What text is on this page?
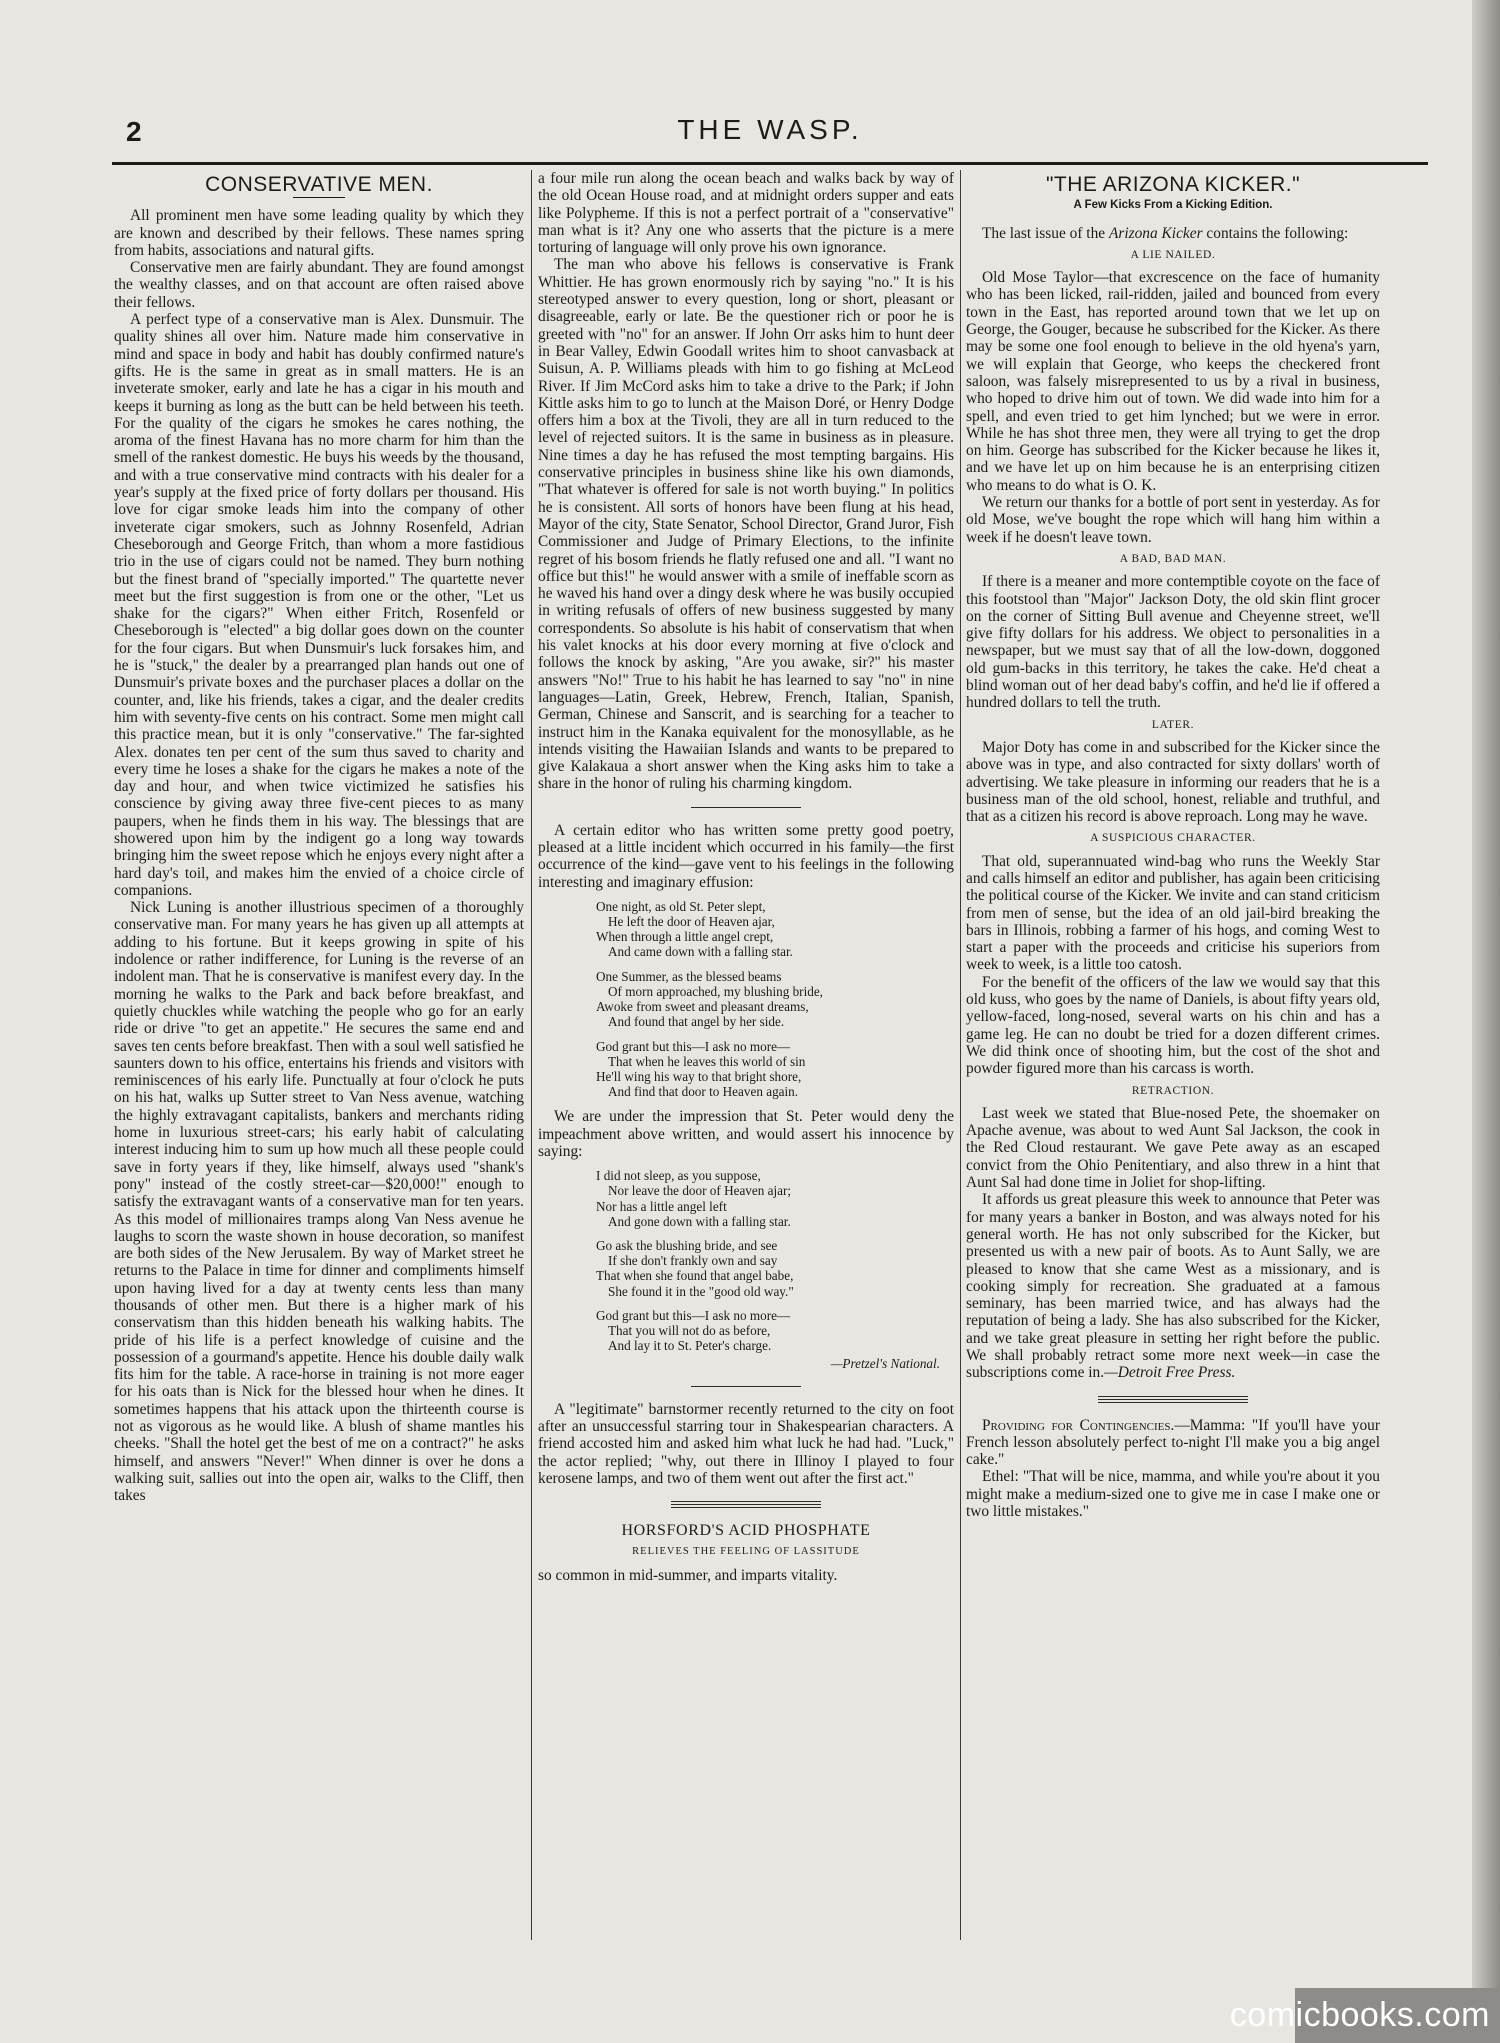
2	THE WASP.
CONSERVATIVE MEN.

All prominent men have some leading quality by which they are known and described by their fellows. These names spring from habits, associations and natural gifts.

Conservative men are fairly abundant. They are found amongst the wealthy classes, and on that account are often raised above their fellows.

A perfect type of a conservative man is Alex. Dunsmuir. The quality shines all over him. Nature made him conservative in mind and space in body and habit has doubly confirmed nature's gifts. He is the same in great as in small matters. He is an inveterate smoker, early and late he has a cigar in his mouth and keeps it burning as long as the butt can be held between his teeth. For the quality of the cigars he smokes he cares nothing, the aroma of the finest Havana has no more charm for him than the smell of the rankest domestic. He buys his weeds by the thousand, and with a true conservative mind contracts with his dealer for a year's supply at the fixed price of forty dollars per thousand. His love for cigar smoke leads him into the company of other inveterate cigar smokers, such as Johnny Rosenfeld, Adrian Cheseborough and George Fritch, than whom a more fastidious trio in the use of cigars could not be named. They burn nothing but the finest brand of "specially imported." The quartette never meet but the first suggestion is from one or the other, "Let us shake for the cigars?" When either Fritch, Rosenfeld or Cheseborough is "elected" a big dollar goes down on the counter for the four cigars. But when Dunsmuir's luck forsakes him, and he is "stuck," the dealer by a prearranged plan hands out one of Dunsmuir's private boxes and the purchaser places a dollar on the counter, and, like his friends, takes a cigar, and the dealer credits him with seventy-five cents on his contract. Some men might call this practice mean, but it is only "conservative." The far-sighted Alex. donates ten per cent of the sum thus saved to charity and every time he loses a shake for the cigars he makes a note of the day and hour, and when twice victimized he satisfies his conscience by giving away three five-cent pieces to as many paupers, when he finds them in his way. The blessings that are showered upon him by the indigent go a long way towards bringing him the sweet repose which he enjoys every night after a hard day's toil, and makes him the envied of a choice circle of companions.

Nick Luning is another illustrious specimen of a thoroughly conservative man. For many years he has given up all attempts at adding to his fortune. But it keeps growing in spite of his indolence or rather indifference, for Luning is the reverse of an indolent man. That he is conservative is manifest every day. In the morning he walks to the Park and back before breakfast, and quietly chuckles while watching the people who go for an early ride or drive "to get an appetite." He secures the same end and saves ten cents before breakfast. Then with a soul well satisfied he saunters down to his office, entertains his friends and visitors with reminiscences of his early life. Punctually at four o'clock he puts on his hat, walks up Sutter street to Van Ness avenue, watching the highly extravagant capitalists, bankers and merchants riding home in luxurious street-cars; his early habit of calculating interest inducing him to sum up how much all these people could save in forty years if they, like himself, always used "shank's pony" instead of the costly street-car—$20,000!" enough to satisfy the extravagant wants of a conservative man for ten years. As this model of millionaires tramps along Van Ness avenue he laughs to scorn the waste shown in house decoration, so manifest are both sides of the New Jerusalem. By way of Market street he returns to the Palace in time for dinner and compliments himself upon having lived for a day at twenty cents less than many thousands of other men. But there is a higher mark of his conservatism than this hidden beneath his walking habits. The pride of his life is a perfect knowledge of cuisine and the possession of a gourmand's appetite. Hence his double daily walk fits him for the table. A race-horse in training is not more eager for his oats than is Nick for the blessed hour when he dines. It sometimes happens that his attack upon the thirteenth course is not as vigorous as he would like. A blush of shame mantles his cheeks. "Shall the hotel get the best of me on a contract?" he asks himself, and answers "Never!" When dinner is over he dons a walking suit, sallies out into the open air, walks to the Cliff, then takes

a four mile run along the ocean beach and walks back by way of the old Ocean House road, and at midnight orders supper and eats like Polypheme. If this is not a perfect portrait of a "conservative" man what is it? Any one who asserts that the picture is a mere torturing of language will only prove his own ignorance.

The man who above his fellows is conservative is Frank Whittier. He has grown enormously rich by saying "no." It is his stereotyped answer to every question, long or short, pleasant or disagreeable, early or late. Be the questioner rich or poor he is greeted with "no" for an answer. If John Orr asks him to hunt deer in Bear Valley, Edwin Goodall writes him to shoot canvasback at Suisun, A. P. Williams pleads with him to go fishing at McLeod River. If Jim McCord asks him to take a drive to the Park; if John Kittle asks him to go to lunch at the Maison Doré, or Henry Dodge offers him a box at the Tivoli, they are all in turn reduced to the level of rejected suitors. It is the same in business as in pleasure. Nine times a day he has refused the most tempting bargains. His conservative principles in business shine like his own diamonds, "That whatever is offered for sale is not worth buying." In politics he is consistent. All sorts of honors have been flung at his head, Mayor of the city, State Senator, School Director, Grand Juror, Fish Commissioner and Judge of Primary Elections, to the infinite regret of his bosom friends he flatly refused one and all. "I want no office but this!" he would answer with a smile of ineffable scorn as he waved his hand over a dingy desk where he was busily occupied in writing refusals of offers of new business suggested by many correspondents. So absolute is his habit of conservatism that when his valet knocks at his door every morning at five o'clock and follows the knock by asking, "Are you awake, sir?" his master answers "No!" True to his habit he has learned to say "no" in nine languages—Latin, Greek, Hebrew, French, Italian, Spanish, German, Chinese and Sanscrit, and is searching for a teacher to instruct him in the Kanaka equivalent for the monosyllable, as he intends visiting the Hawaiian Islands and wants to be prepared to give Kalakaua a short answer when the King asks him to take a share in the honor of ruling his charming kingdom.

A certain editor who has written some pretty good poetry, pleased at a little incident which occurred in his family—the first occurrence of the kind—gave vent to his feelings in the following interesting and imaginary effusion:

One night, as old St. Peter slept,
He left the door of Heaven ajar,
When through a little angel crept,
And came down with a falling star.
One Summer, as the blessed beams
Of morn approached, my blushing bride,
Awoke from sweet and pleasant dreams,
And found that angel by her side.
God grant but this—I ask no more—
That when he leaves this world of sin
He'll wing his way to that bright shore,
And find that door to Heaven again.

We are under the impression that St. Peter would deny the impeachment above written, and would assert his innocence by saying:

I did not sleep, as you suppose,
Nor leave the door of Heaven ajar;
Nor has a little angel left
And gone down with a falling star.
Go ask the blushing bride, and see
If she don't frankly own and say
That when she found that angel babe,
She found it in the "good old way."
God grant but this—I ask no more—
That you will not do as before,
And lay it to St. Peter's charge.
—Pretzel's National.

A "legitimate" barnstormer recently returned to the city on foot after an unsuccessful starring tour in Shakespearian characters. A friend accosted him and asked him what luck he had had. "Luck," the actor replied; "why, out there in Illinoy I played to four kerosene lamps, and two of them went out after the first act."

HORSFORD'S ACID PHOSPHATE
RELIEVES THE FEELING OF LASSITUDE

so common in mid-summer, and imparts vitality.

"THE ARIZONA KICKER."
A Few Kicks From a Kicking Edition.

The last issue of the Arizona Kicker contains the following:

A LIE NAILED.

Old Mose Taylor—that excrescence on the face of humanity who has been licked, rail-ridden, jailed and bounced from every town in the East, has reported around town that we let up on George, the Gouger, because he subscribed for the Kicker. As there may be some one fool enough to believe in the old hyena's yarn, we will explain that George, who keeps the checkered front saloon, was falsely misrepresented to us by a rival in business, who hoped to drive him out of town. We did wade into him for a spell, and even tried to get him lynched; but we were in error. While he has shot three men, they were all trying to get the drop on him. George has subscribed for the Kicker because he likes it, and we have let up on him because he is an enterprising citizen who means to do what is O. K.

We return our thanks for a bottle of port sent in yesterday. As for old Mose, we've bought the rope which will hang him within a week if he doesn't leave town.

A BAD, BAD MAN.

If there is a meaner and more contemptible coyote on the face of this footstool than "Major" Jackson Doty, the old skin flint grocer on the corner of Sitting Bull avenue and Cheyenne street, we'll give fifty dollars for his address. We object to personalities in a newspaper, but we must say that of all the low-down, doggoned old gum-backs in this territory, he takes the cake. He'd cheat a blind woman out of her dead baby's coffin, and he'd lie if offered a hundred dollars to tell the truth.

LATER.

Major Doty has come in and subscribed for the Kicker since the above was in type, and also contracted for sixty dollars' worth of advertising. We take pleasure in informing our readers that he is a business man of the old school, honest, reliable and truthful, and that as a citizen his record is above reproach. Long may he wave.

A SUSPICIOUS CHARACTER.

That old, superannuated wind-bag who runs the Weekly Star and calls himself an editor and publisher, has again been criticising the political course of the Kicker. We invite and can stand criticism from men of sense, but the idea of an old jail-bird breaking the bars in Illinois, robbing a farmer of his hogs, and coming West to start a paper with the proceeds and criticise his superiors from week to week, is a little too catosh.

For the benefit of the officers of the law we would say that this old kuss, who goes by the name of Daniels, is about fifty years old, yellow-faced, long-nosed, several warts on his chin and has a game leg. He can no doubt be tried for a dozen different crimes. We did think once of shooting him, but the cost of the shot and powder figured more than his carcass is worth.

RETRACTION.

Last week we stated that Blue-nosed Pete, the shoemaker on Apache avenue, was about to wed Aunt Sal Jackson, the cook in the Red Cloud restaurant. We gave Pete away as an escaped convict from the Ohio Penitentiary, and also threw in a hint that Aunt Sal had done time in Joliet for shop-lifting.

It affords us great pleasure this week to announce that Peter was for many years a banker in Boston, and was always noted for his general worth. He has not only subscribed for the Kicker, but presented us with a new pair of boots. As to Aunt Sally, we are pleased to know that she came West as a missionary, and is cooking simply for recreation. She graduated at a famous seminary, has been married twice, and has always had the reputation of being a lady. She has also subscribed for the Kicker, and we take great pleasure in setting her right before the public. We shall probably retract some more next week—in case the subscriptions come in.—Detroit Free Press.

Providing for Contingencies.—Mamma: "If you'll have your French lesson absolutely perfect to-night I'll make you a big angel cake."

Ethel: "That will be nice, mamma, and while you're about it you might make a medium-sized one to give me in case I make one or two little mistakes."

comicbooks.com
